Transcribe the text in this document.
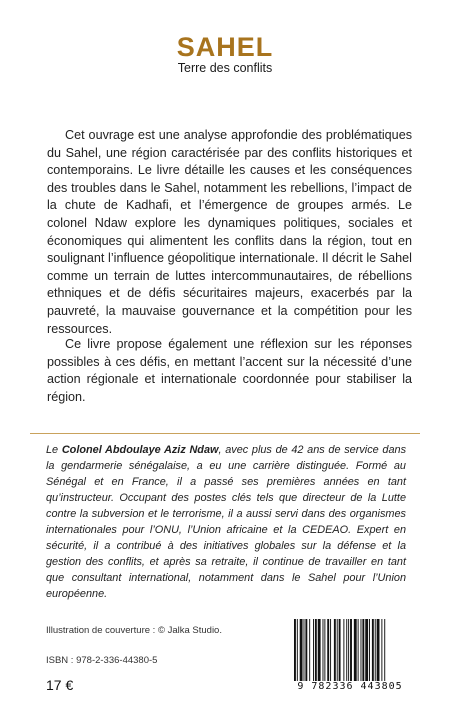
SAHEL
Terre des conflits

Cet ouvrage est une analyse approfondie des problématiques du Sahel, une région caractérisée par des conflits historiques et contemporains. Le livre détaille les causes et les conséquences des troubles dans le Sahel, notamment les rebellions, l’impact de la chute de Kadhafi, et l’émergence de groupes armés. Le colonel Ndaw explore les dynamiques politiques, sociales et économiques qui alimentent les conflits dans la région, tout en soulignant l’influence géopolitique internationale. Il décrit le Sahel comme un terrain de luttes intercommunautaires, de rébellions ethniques et de défis sécuritaires majeurs, exacerbés par la pauvreté, la mauvaise gouvernance et la compétition pour les ressources.

Ce livre propose également une réflexion sur les réponses possibles à ces défis, en mettant l’accent sur la nécessité d’une action régionale et internationale coordonnée pour stabiliser la région.

Le Colonel Abdoulaye Aziz Ndaw, avec plus de 42 ans de service dans la gendarmerie sénégalaise, a eu une carrière distinguée. Formé au Sénégal et en France, il a passé ses premières années en tant qu’instructeur. Occupant des postes clés tels que directeur de la Lutte contre la subversion et le terrorisme, il a aussi servi dans des organismes internationales pour l’ONU, l’Union africaine et la CEDEAO. Expert en sécurité, il a contribué à des initiatives globales sur la défense et la gestion des conflits, et après sa retraite, il continue de travailler en tant que consultant international, notamment dans le Sahel pour l’Union européenne.

Illustration de couverture : © Jalka Studio.
ISBN : 978-2-336-44380-5
17 €	9 782336 443805
